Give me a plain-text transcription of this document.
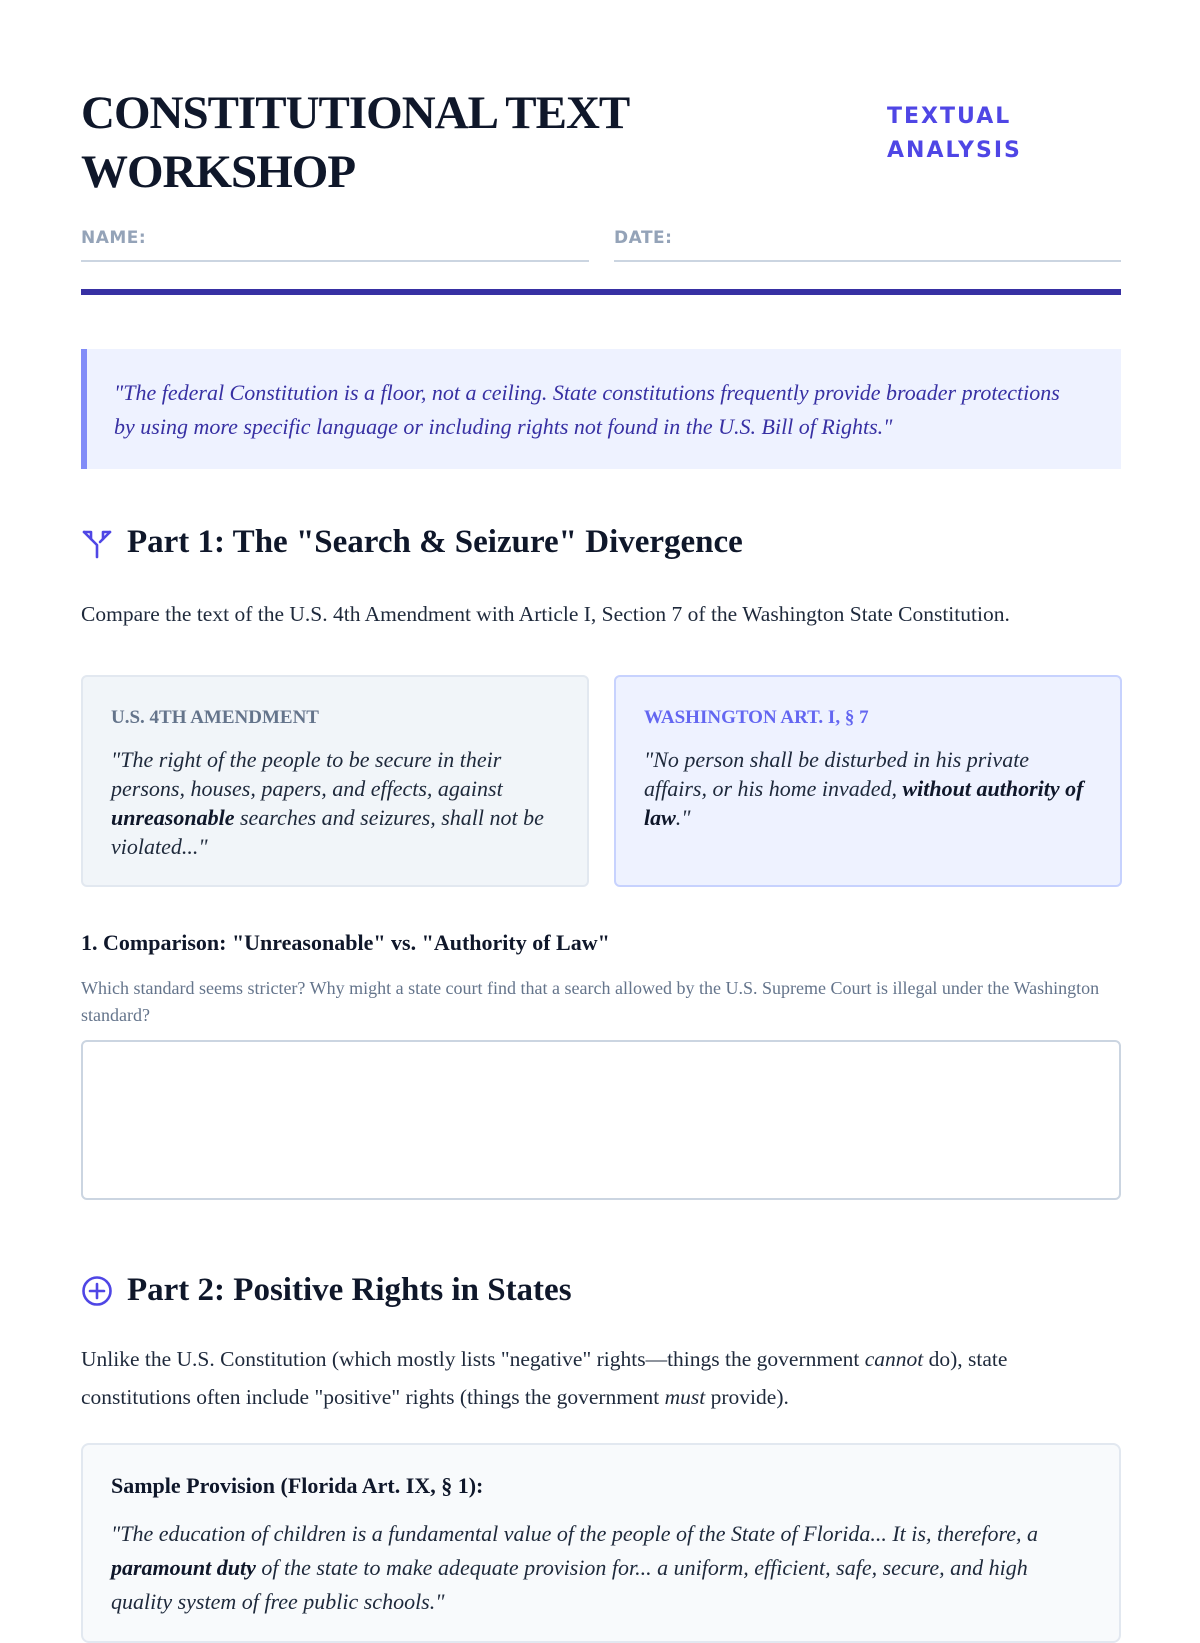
CONSTITUTIONAL TEXT WORKSHOP
TEXTUAL
ANALYSIS
NAME:	DATE:
"The federal Constitution is a floor, not a ceiling. State constitutions frequently provide broader protections by using more specific language or including rights not found in the U.S. Bill of Rights."
Part 1: The "Search & Seizure" Divergence

Compare the text of the U.S. 4th Amendment with Article I, Section 7 of the Washington State Constitution.

U.S. 4TH AMENDMENT
"The right of the people to be secure in their persons, houses, papers, and effects, against unreasonable searches and seizures, shall not be violated..."
WASHINGTON ART. I, § 7
"No person shall be disturbed in his private affairs, or his home invaded, without authority of law."
1. Comparison: "Unreasonable" vs. "Authority of Law"

Which standard seems stricter? Why might a state court find that a search allowed by the U.S. Supreme Court is illegal under the Washington standard?

Part 2: Positive Rights in States

Unlike the U.S. Constitution (which mostly lists "negative" rights—things the government cannot do), state constitutions often include "positive" rights (things the government must provide).

Sample Provision (Florida Art. IX, § 1):
"The education of children is a fundamental value of the people of the State of Florida... It is, therefore, a paramount duty of the state to make adequate provision for... a uniform, efficient, safe, secure, and high quality system of free public schools."
